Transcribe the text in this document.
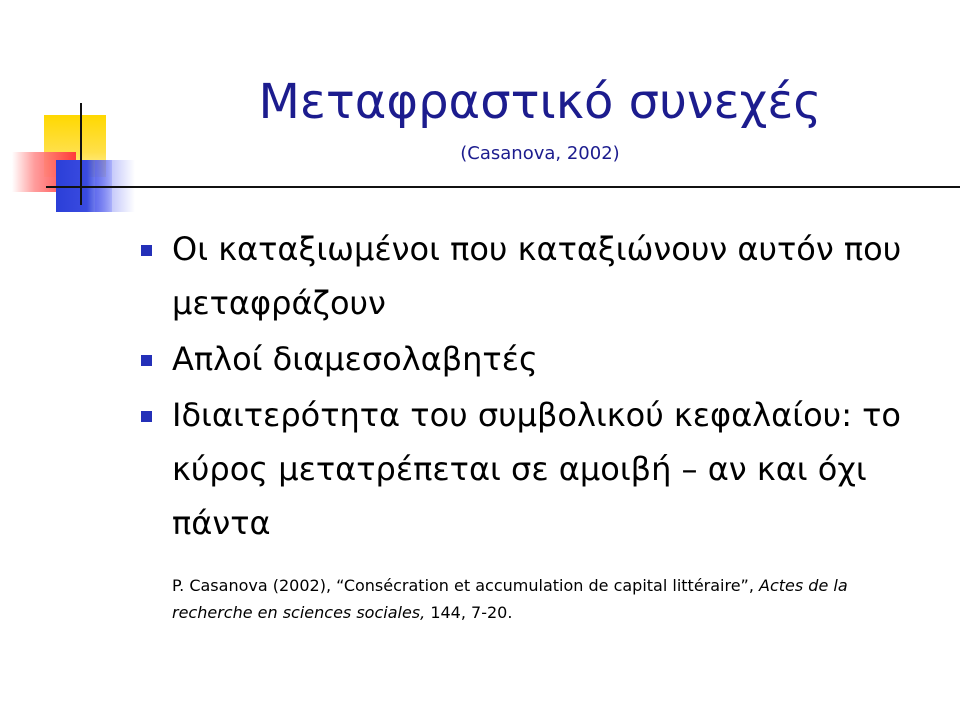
Μεταφραστικό συνεχές
(Casanova, 2002)
Οι καταξιωμένοι που καταξιώνουν αυτόν που μεταφράζουν
Απλοί διαμεσολαβητές
Ιδιαιτερότητα του συμβολικού κεφαλαίου: το κύρος μετατρέπεται σε αμοιβή – αν και όχι πάντα
P. Casanova (2002), “Consécration et accumulation de capital littéraire”, Actes de la recherche en sciences sociales, 144, 7-20.
